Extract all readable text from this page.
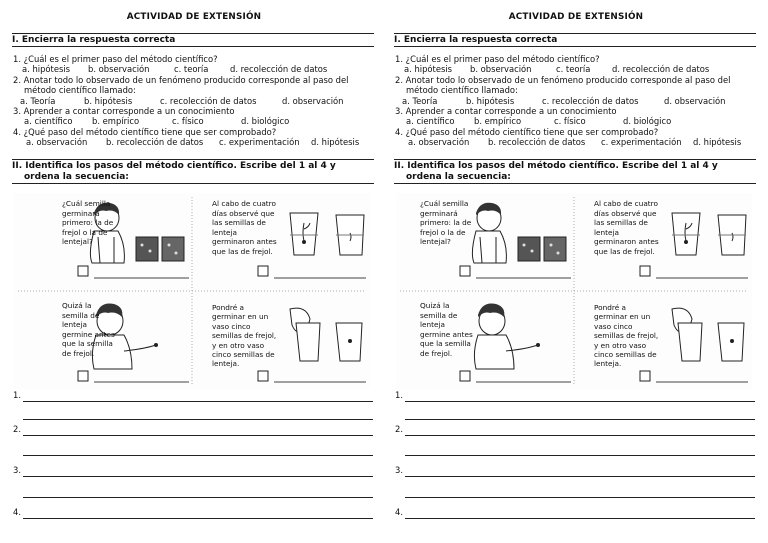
ACTIVIDAD DE EXTENSIÓN
I. Encierra la respuesta correcta
1. ¿Cuál es el primer paso del método científico?
a. hipótesis b. observación	c. teoría	d. recolección de datos
2. Anotar todo lo observado de un fenómeno producido corresponde al paso del
método científico llamado:
a. Teoría	b. hipótesis	c. recolección de datos	d. observación
3. Aprender a contar corresponde a un conocimiento
a. científico b. empírico	c. físico	d. biológico
4. ¿Qué paso del método científico tiene que ser comprobado?
a. observación b. recolección de datos c. experimentación d. hipótesis
II. Identifica los pasos del método científico. Escribe del 1 al 4 y
ordena la secuencia:
¿Cuál semilla
germinará
primero: la de
frejol o la de
lentejal?
Al cabo de cuatro
días observé que
las semillas de
lenteja
germinaron antes
que las de frejol.
Quizá la
semilla de
lenteja
germine antes
que la semilla
de frejol.
Pondré a
germinar en un
vaso cinco
semillas de frejol,
y en otro vaso
cinco semillas de
lenteja.
1.
2.
3.
4.
ACTIVIDAD DE EXTENSIÓN
I. Encierra la respuesta correcta
1. ¿Cuál es el primer paso del método científico?
a. hipótesis b. observación	c. teoría	d. recolección de datos
2. Anotar todo lo observado de un fenómeno producido corresponde al paso del
método científico llamado:
a. Teoría	b. hipótesis	c. recolección de datos	d. observación
3. Aprender a contar corresponde a un conocimiento
a. científico b. empírico	c. físico	d. biológico
4. ¿Qué paso del método científico tiene que ser comprobado?
a. observación b. recolección de datos c. experimentación d. hipótesis
II. Identifica los pasos del método científico. Escribe del 1 al 4 y
ordena la secuencia:
¿Cuál semilla
germinará
primero: la de
frejol o la de
lentejal?
Al cabo de cuatro
días observé que
las semillas de
lenteja
germinaron antes
que las de frejol.
Quizá la
semilla de
lenteja
germine antes
que la semilla
de frejol.
Pondré a
germinar en un
vaso cinco
semillas de frejol,
y en otro vaso
cinco semillas de
lenteja.
1.
2.
3.
4.
